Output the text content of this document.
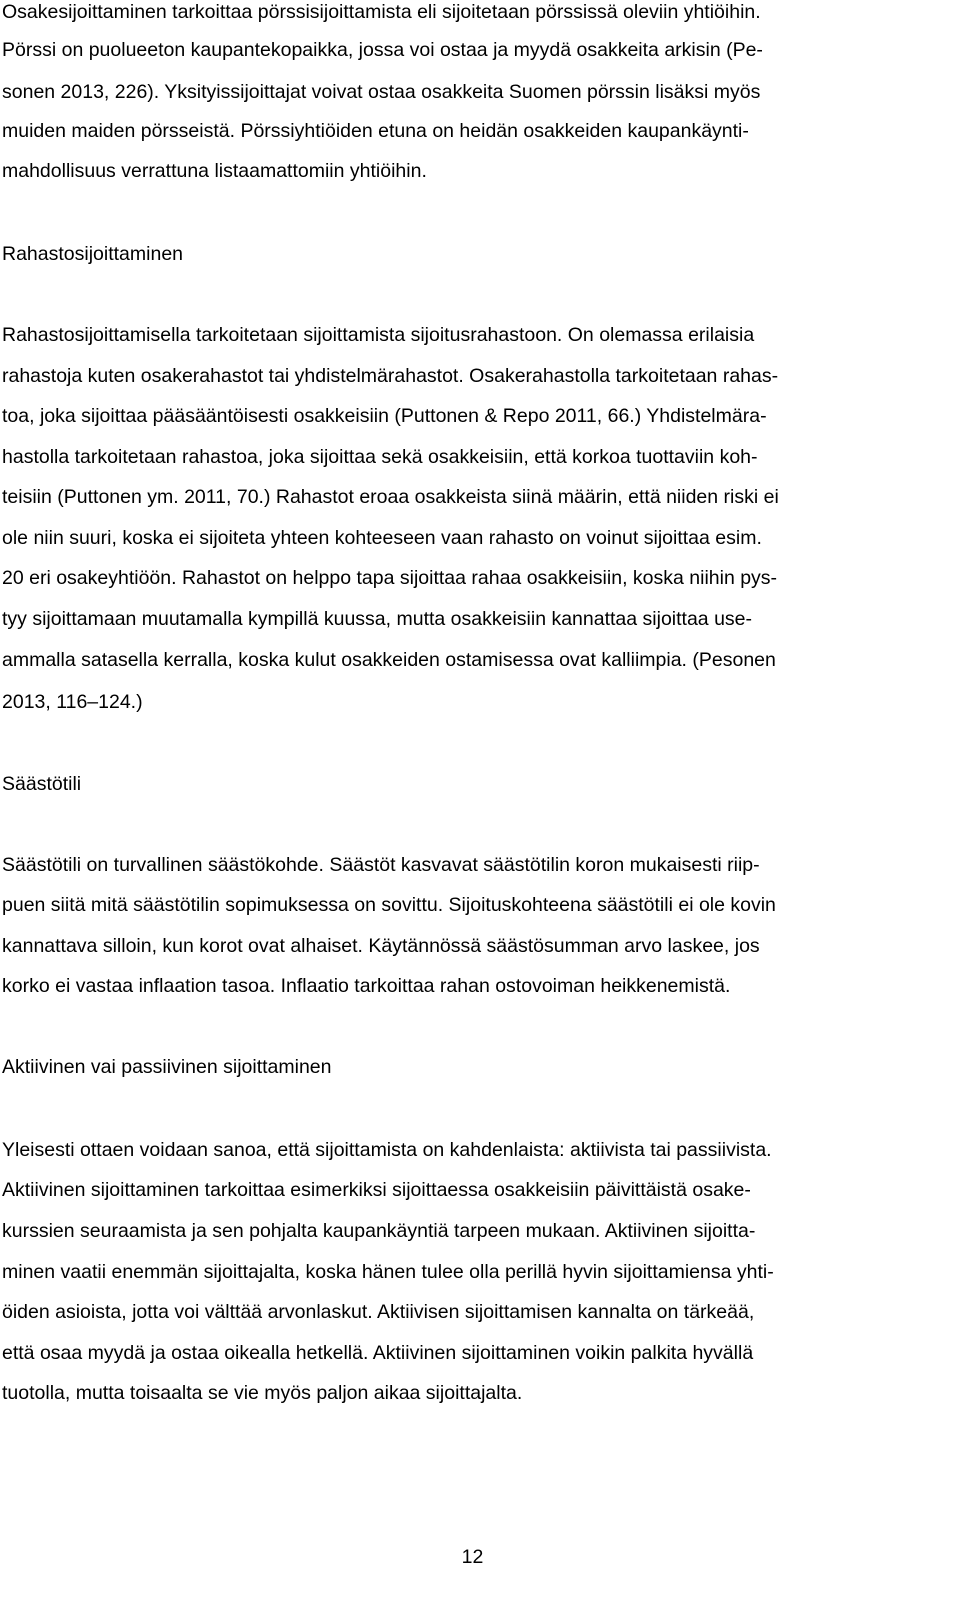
Osakesijoittaminen tarkoittaa pörssisijoittamista eli sijoitetaan pörssissä oleviin yhtiöihin.
Pörssi on puolueeton kaupantekopaikka, jossa voi ostaa ja myydä osakkeita arkisin (Pe-
sonen 2013, 226). Yksityissijoittajat voivat ostaa osakkeita Suomen pörssin lisäksi myös
muiden maiden pörsseistä. Pörssiyhtiöiden etuna on heidän osakkeiden kaupankäynti-
mahdollisuus verrattuna listaamattomiin yhtiöihin.
Rahastosijoittaminen
Rahastosijoittamisella tarkoitetaan sijoittamista sijoitusrahastoon. On olemassa erilaisia
rahastoja kuten osakerahastot tai yhdistelmärahastot. Osakerahastolla tarkoitetaan rahas-
toa, joka sijoittaa pääsääntöisesti osakkeisiin (Puttonen & Repo 2011, 66.) Yhdistelmära-
hastolla tarkoitetaan rahastoa, joka sijoittaa sekä osakkeisiin, että korkoa tuottaviin koh-
teisiin (Puttonen ym. 2011, 70.) Rahastot eroaa osakkeista siinä määrin, että niiden riski ei
ole niin suuri, koska ei sijoiteta yhteen kohteeseen vaan rahasto on voinut sijoittaa esim.
20 eri osakeyhtiöön. Rahastot on helppo tapa sijoittaa rahaa osakkeisiin, koska niihin pys-
tyy sijoittamaan muutamalla kympillä kuussa, mutta osakkeisiin kannattaa sijoittaa use-
ammalla satasella kerralla, koska kulut osakkeiden ostamisessa ovat kalliimpia. (Pesonen
2013, 116–124.)
Säästötili
Säästötili on turvallinen säästökohde. Säästöt kasvavat säästötilin koron mukaisesti riip-
puen siitä mitä säästötilin sopimuksessa on sovittu. Sijoituskohteena säästötili ei ole kovin
kannattava silloin, kun korot ovat alhaiset. Käytännössä säästösumman arvo laskee, jos
korko ei vastaa inflaation tasoa. Inflaatio tarkoittaa rahan ostovoiman heikkenemistä.
Aktiivinen vai passiivinen sijoittaminen
Yleisesti ottaen voidaan sanoa, että sijoittamista on kahdenlaista: aktiivista tai passiivista.
Aktiivinen sijoittaminen tarkoittaa esimerkiksi sijoittaessa osakkeisiin päivittäistä osake-
kurssien seuraamista ja sen pohjalta kaupankäyntiä tarpeen mukaan. Aktiivinen sijoitta-
minen vaatii enemmän sijoittajalta, koska hänen tulee olla perillä hyvin sijoittamiensa yhti-
öiden asioista, jotta voi välttää arvonlaskut. Aktiivisen sijoittamisen kannalta on tärkeää,
että osaa myydä ja ostaa oikealla hetkellä. Aktiivinen sijoittaminen voikin palkita hyvällä
tuotolla, mutta toisaalta se vie myös paljon aikaa sijoittajalta.
12
